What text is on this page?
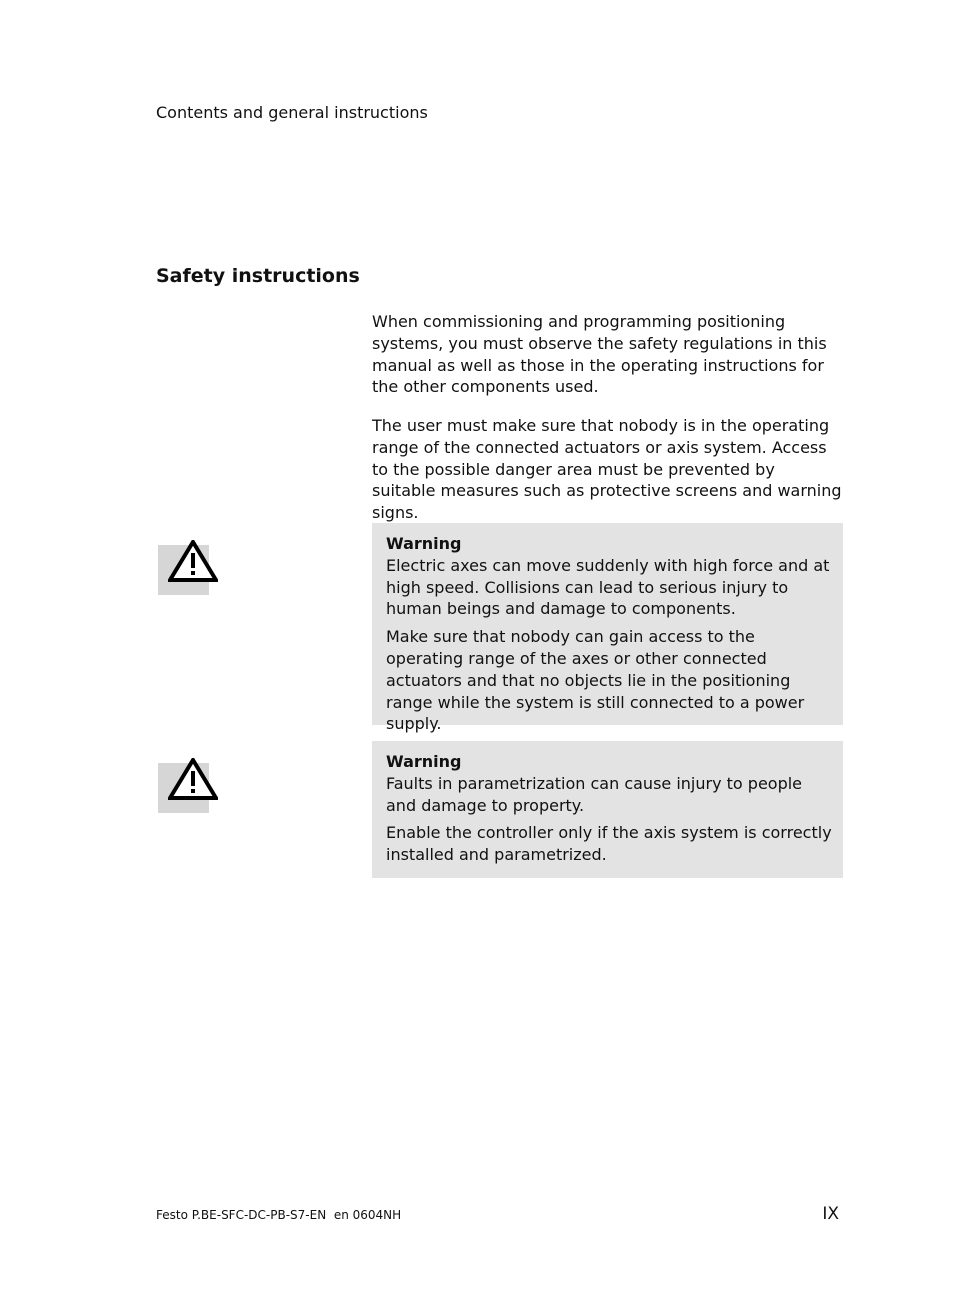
Contents and general instructions
Safety instructions

When commissioning and programming positioning systems, you must observe the safety regulations in this manual as well as those in the operating instructions for the other components used.

The user must make sure that nobody is in the operating range of the connected actuators or axis system. Access to the possible danger area must be prevented by suitable measures such as protective screens and warning signs.

Warning

Electric axes can move suddenly with high force and at high speed. Collisions can lead to serious injury to human beings and damage to components.

Make sure that nobody can gain access to the operating range of the axes or other connected actuators and that no objects lie in the positioning range while the system is still connected to a power supply.

Warning

Faults in parametrization can cause injury to people and damage to property.

Enable the controller only if the axis system is correctly installed and parametrized.

Festo P.BE-SFC-DC-PB-S7-EN  en 0604NH	IX
